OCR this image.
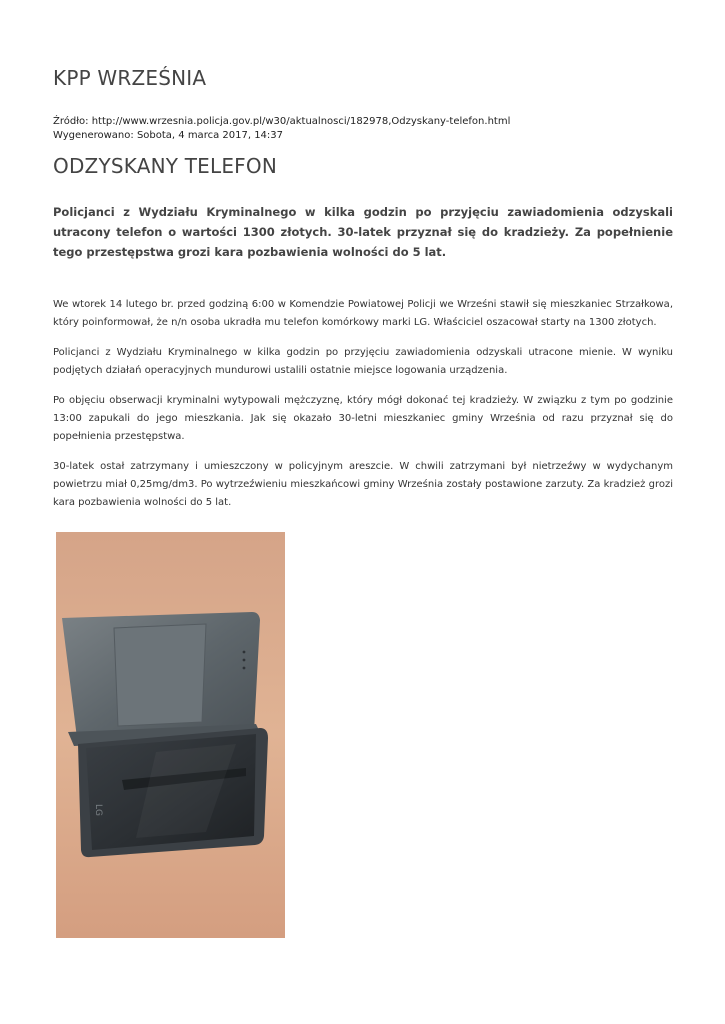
KPP WRZEŚNIA
Źródło: http://www.wrzesnia.policja.gov.pl/w30/aktualnosci/182978,Odzyskany-telefon.html
Wygenerowano: Sobota, 4 marca 2017, 14:37
ODZYSKANY TELEFON

Policjanci z Wydziału Kryminalnego w kilka godzin po przyjęciu zawiadomienia odzyskali utracony telefon o wartości 1300 złotych. 30-latek przyznał się do kradzieży. Za popełnienie tego przestępstwa grozi kara pozbawienia wolności do 5 lat.

We wtorek 14 lutego br. przed godziną 6:00 w Komendzie Powiatowej Policji we Wrześni stawił się mieszkaniec Strzałkowa, który poinformował, że n/n osoba ukradła mu telefon komórkowy marki LG. Właściciel oszacował starty na 1300 złotych.

Policjanci z Wydziału Kryminalnego w kilka godzin po przyjęciu zawiadomienia odzyskali utracone mienie. W wyniku podjętych działań operacyjnych mundurowi ustalili ostatnie miejsce logowania urządzenia.

Po objęciu obserwacji kryminalni wytypowali mężczyznę, który mógł dokonać tej kradzieży. W związku z tym po godzinie 13:00 zapukali do jego mieszkania. Jak się okazało 30-letni mieszkaniec gminy Września od razu przyznał się do popełnienia przestępstwa.

30-latek ostał zatrzymany i umieszczony w policyjnym areszcie. W chwili zatrzymani był nietrzeźwy w wydychanym powietrzu miał 0,25mg/dm3. Po wytrzeźwieniu mieszkańcowi gminy Września zostały postawione zarzuty. Za kradzież grozi kara pozbawienia wolności do 5 lat.

LG
